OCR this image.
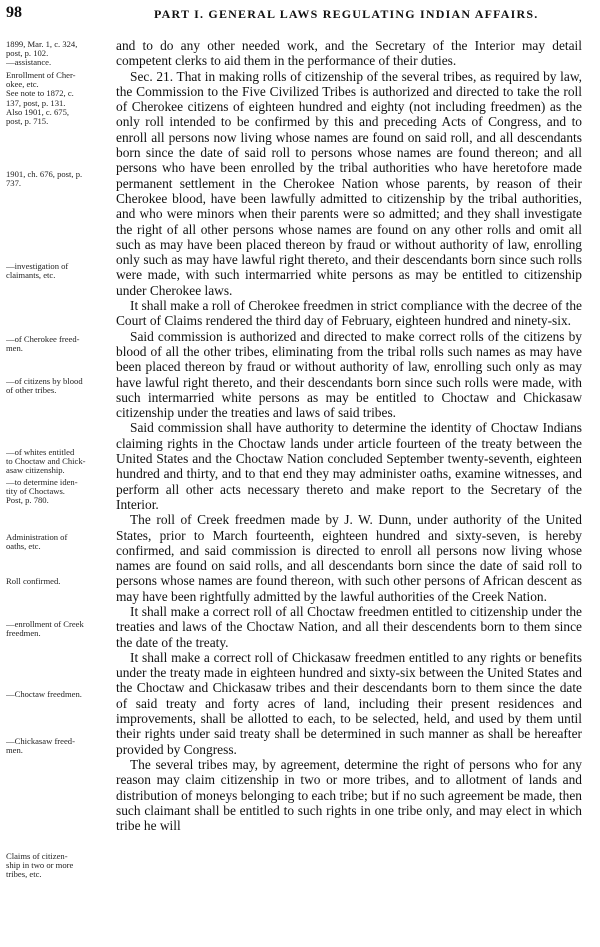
98	PART I. GENERAL LAWS REGULATING INDIAN AFFAIRS.
1899, Mar. 1, c. 324,
post, p. 102.
—assistance.
Enrollment of Cher-
okee, etc.
See note to 1872, c.
137, post, p. 131.
Also 1901, c. 675,
post, p. 715.
1901, ch. 676, post, p.
737.
—investigation of
claimants, etc.
—of Cherokee freed-
men.
—of citizens by blood
of other tribes.
—of whites entitled
to Choctaw and Chick-
asaw citizenship.
—to determine iden-
tity of Choctaws.
Post, p. 780.
Administration of
oaths, etc.
Roll confirmed.
—enrollment of Creek
freedmen.
—Choctaw freedmen.
—Chickasaw freed-
men.
Claims of citizen-
ship in two or more
tribes, etc.

and to do any other needed work, and the Secretary of the Interior may detail competent clerks to aid them in the performance of their duties.

Sec. 21. That in making rolls of citizenship of the several tribes, as required by law, the Commission to the Five Civilized Tribes is authorized and directed to take the roll of Cherokee citizens of eighteen hundred and eighty (not including freedmen) as the only roll intended to be confirmed by this and preceding Acts of Congress, and to enroll all persons now living whose names are found on said roll, and all descendants born since the date of said roll to persons whose names are found thereon; and all persons who have been enrolled by the tribal authorities who have heretofore made permanent settlement in the Cherokee Nation whose parents, by reason of their Cherokee blood, have been lawfully admitted to citizenship by the tribal authorities, and who were minors when their parents were so admitted; and they shall investigate the right of all other persons whose names are found on any other rolls and omit all such as may have been placed thereon by fraud or without authority of law, enrolling only such as may have lawful right thereto, and their descendants born since such rolls were made, with such intermarried white persons as may be entitled to citizenship under Cherokee laws.

It shall make a roll of Cherokee freedmen in strict compliance with the decree of the Court of Claims rendered the third day of February, eighteen hundred and ninety-six.

Said commission is authorized and directed to make correct rolls of the citizens by blood of all the other tribes, eliminating from the tribal rolls such names as may have been placed thereon by fraud or without authority of law, enrolling such only as may have lawful right thereto, and their descendants born since such rolls were made, with such intermarried white persons as may be entitled to Choctaw and Chickasaw citizenship under the treaties and laws of said tribes.

Said commission shall have authority to determine the identity of Choctaw Indians claiming rights in the Choctaw lands under article fourteen of the treaty between the United States and the Choctaw Nation concluded September twenty-seventh, eighteen hundred and thirty, and to that end they may administer oaths, examine witnesses, and perform all other acts necessary thereto and make report to the Secretary of the Interior.

The roll of Creek freedmen made by J. W. Dunn, under authority of the United States, prior to March fourteenth, eighteen hundred and sixty-seven, is hereby confirmed, and said commission is directed to enroll all persons now living whose names are found on said rolls, and all descendants born since the date of said roll to persons whose names are found thereon, with such other persons of African descent as may have been rightfully admitted by the lawful authorities of the Creek Nation.

It shall make a correct roll of all Choctaw freedmen entitled to citizenship under the treaties and laws of the Choctaw Nation, and all their descendents born to them since the date of the treaty.

It shall make a correct roll of Chickasaw freedmen entitled to any rights or benefits under the treaty made in eighteen hundred and sixty-six between the United States and the Choctaw and Chickasaw tribes and their descendants born to them since the date of said treaty and forty acres of land, including their present residences and improvements, shall be allotted to each, to be selected, held, and used by them until their rights under said treaty shall be determined in such manner as shall be hereafter provided by Congress.

The several tribes may, by agreement, determine the right of persons who for any reason may claim citizenship in two or more tribes, and to allotment of lands and distribution of moneys belonging to each tribe; but if no such agreement be made, then such claimant shall be entitled to such rights in one tribe only, and may elect in which tribe he will
